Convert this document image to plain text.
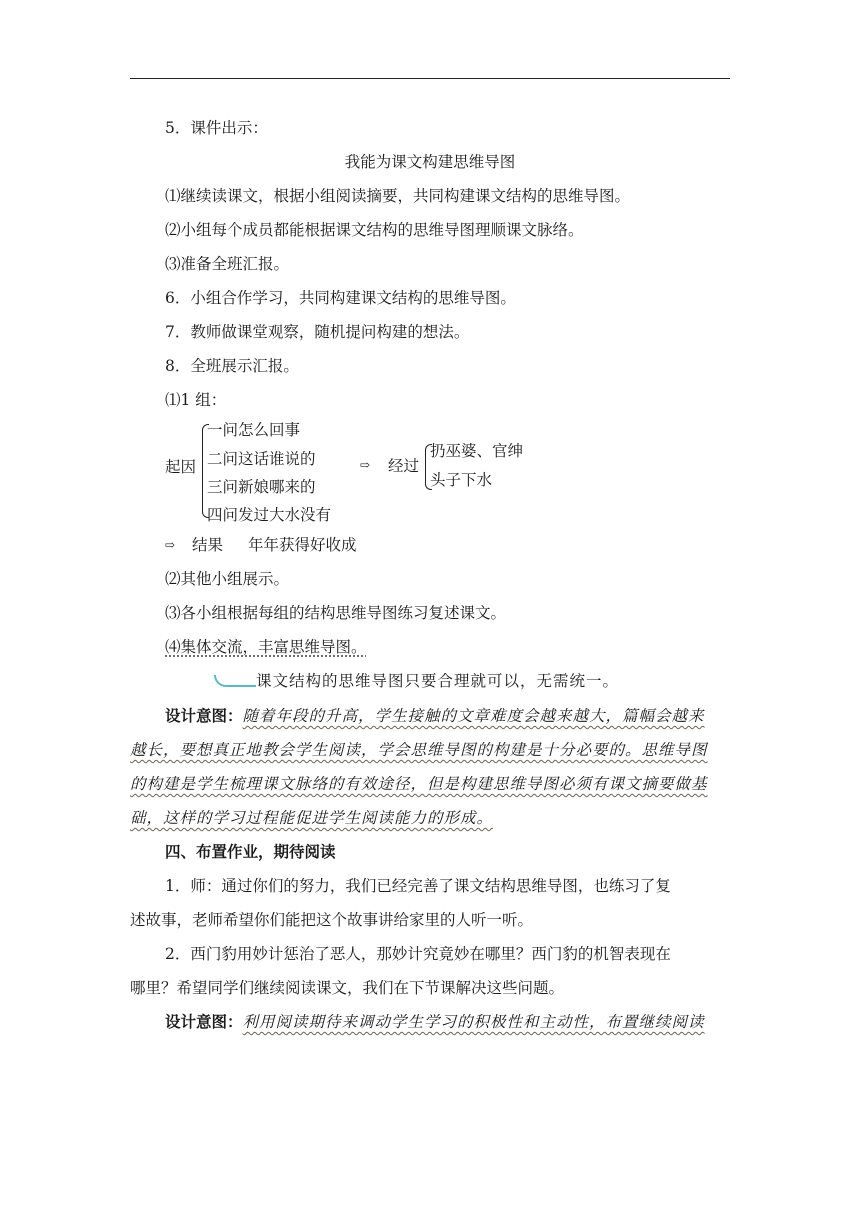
5．课件出示：
我能为课文构建思维导图
⑴继续读课文，根据小组阅读摘要，共同构建课文结构的思维导图。
⑵小组每个成员都能根据课文结构的思维导图理顺课文脉络。
⑶准备全班汇报。
6．小组合作学习，共同构建课文结构的思维导图。
7．教师做课堂观察，随机提问构建的想法。
8．全班展示汇报。
⑴1 组：
起因
一问怎么回事
二问这话谁说的
三问新娘哪来的
四问发过大水没有
⇨ 经过
扔巫婆、官绅
头子下水
⇨ 结果 年年获得好收成
⑵其他小组展示。
⑶各小组根据每组的结构思维导图练习复述课文。
⑷集体交流，丰富思维导图。
课文结构的思维导图只要合理就可以，无需统一。
设计意图：随着年段的升高，学生接触的文章难度会越来越大，篇幅会越来
越长，要想真正地教会学生阅读，学会思维导图的构建是十分必要的。思维导图
的构建是学生梳理课文脉络的有效途径，但是构建思维导图必须有课文摘要做基
础，这样的学习过程能促进学生阅读能力的形成。
四、布置作业，期待阅读
1．师：通过你们的努力，我们已经完善了课文结构思维导图，也练习了复
述故事，老师希望你们能把这个故事讲给家里的人听一听。
2．西门豹用妙计惩治了恶人，那妙计究竟妙在哪里？西门豹的机智表现在
哪里？希望同学们继续阅读课文，我们在下节课解决这些问题。
设计意图：利用阅读期待来调动学生学习的积极性和主动性，布置继续阅读
